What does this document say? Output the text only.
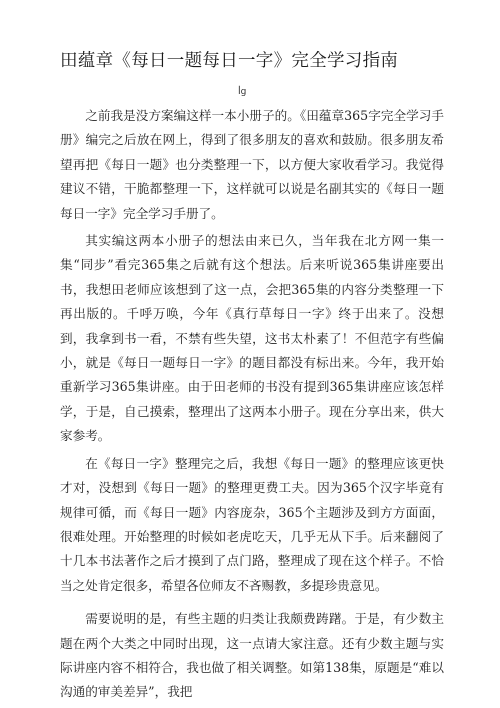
田蕴章《每日一题每日一字》完全学习指南
ꟾg

之前我是没方案编这样一本小册子的。《田蕴章365字完全学习手册》编完之后放在网上，得到了很多朋友的喜欢和鼓励。很多朋友希望再把《每日一题》也分类整理一下，以方便大家收看学习。我觉得建议不错，干脆都整理一下，这样就可以说是名副其实的《每日一题每日一字》完全学习手册了。

其实编这两本小册子的想法由来已久，当年我在北方网一集一集“同步”看完365集之后就有这个想法。后来听说365集讲座要出书，我想田老师应该想到了这一点，会把365集的内容分类整理一下再出版的。千呼万唤，今年《真行草每日一字》终于出来了。没想到，我拿到书一看，不禁有些失望，这书太朴素了！不但范字有些偏小，就是《每日一题每日一字》的题目都没有标出来。今年，我开始重新学习365集讲座。由于田老师的书没有提到365集讲座应该怎样学，于是，自己摸索，整理出了这两本小册子。现在分享出来，供大家参考。

在《每日一字》整理完之后，我想《每日一题》的整理应该更快才对，没想到《每日一题》的整理更费工夫。因为365个汉字毕竟有规律可循，而《每日一题》内容庞杂，365个主题涉及到方方面面，很难处理。开始整理的时候如老虎吃天，几乎无从下手。后来翻阅了十几本书法著作之后才摸到了点门路，整理成了现在这个样子。不恰当之处肯定很多，希望各位师友不吝赐教，多提珍贵意见。

需要说明的是，有些主题的归类让我颇费踌躇。于是，有少数主题在两个大类之中同时出现，这一点请大家注意。还有少数主题与实际讲座内容不相符合，我也做了相关调整。如第138集，原题是“难以沟通的审美差异”，我把
